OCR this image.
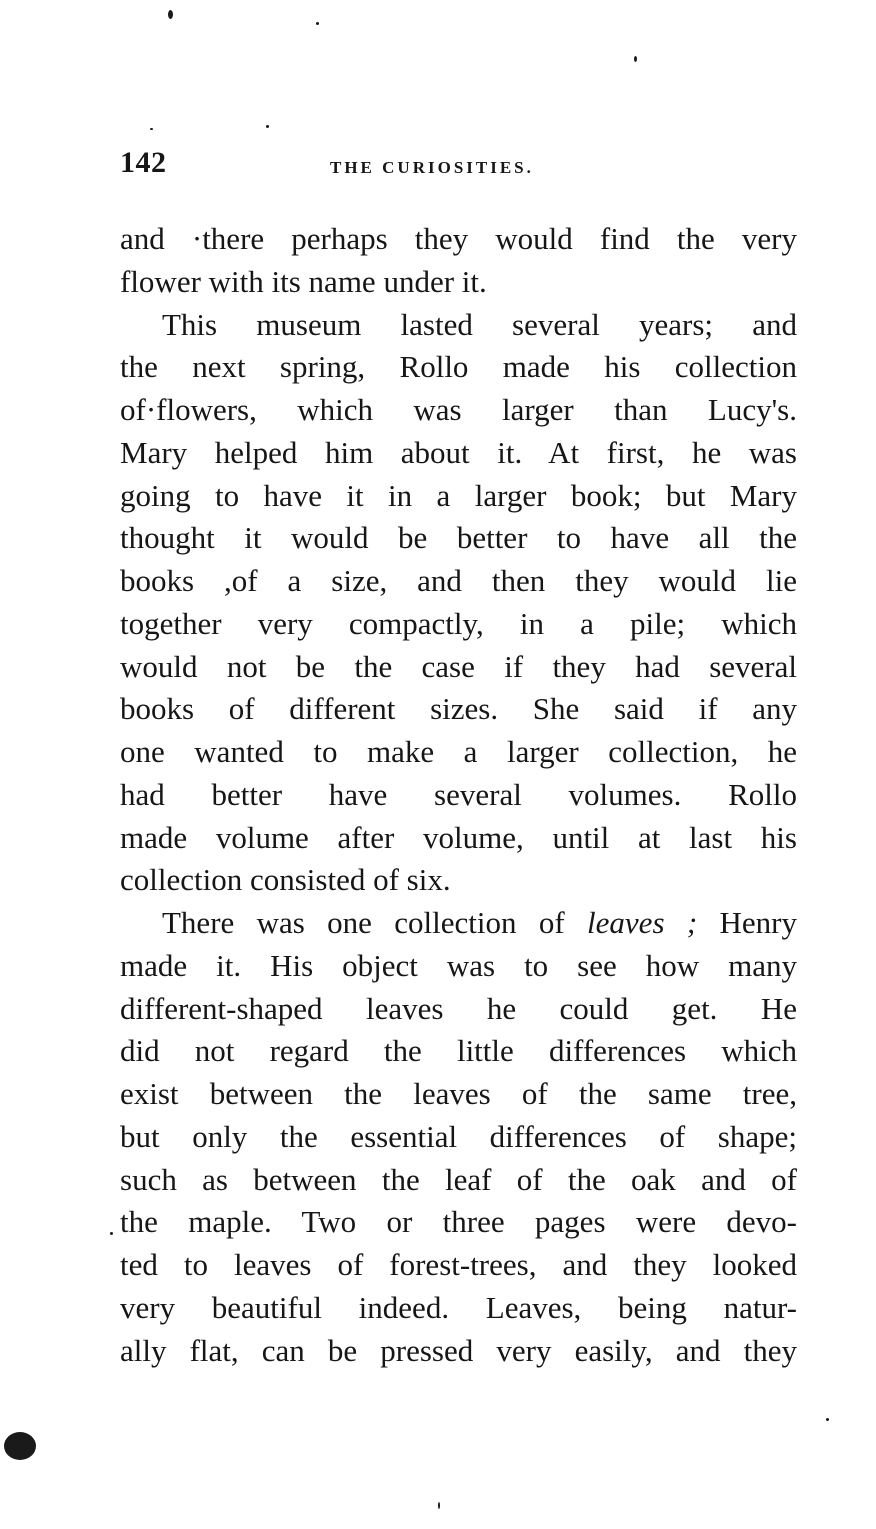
142	THE CURIOSITIES.
and ·there perhaps they would find the very
flower with its name under it.
This museum lasted several years; and
the next spring, Rollo made his collection
of·flowers, which was larger than Lucy's.
Mary helped him about it. At first, he was
going to have it in a larger book; but Mary
thought it would be better to have all the
books ,of a size, and then they would lie
together very compactly, in a pile; which
would not be the case if they had several
books of different sizes. She said if any
one wanted to make a larger collection, he
had better have several volumes. Rollo
made volume after volume, until at last his
collection consisted of six.
There was one collection of leaves ; Henry
made it. His object was to see how many
different-shaped leaves he could get. He
did not regard the little differences which
exist between the leaves of the same tree,
but only the essential differences of shape;
such as between the leaf of the oak and of
the maple. Two or three pages were devo-
ted to leaves of forest-trees, and they looked
very beautiful indeed. Leaves, being natur-
ally flat, can be pressed very easily, and they
